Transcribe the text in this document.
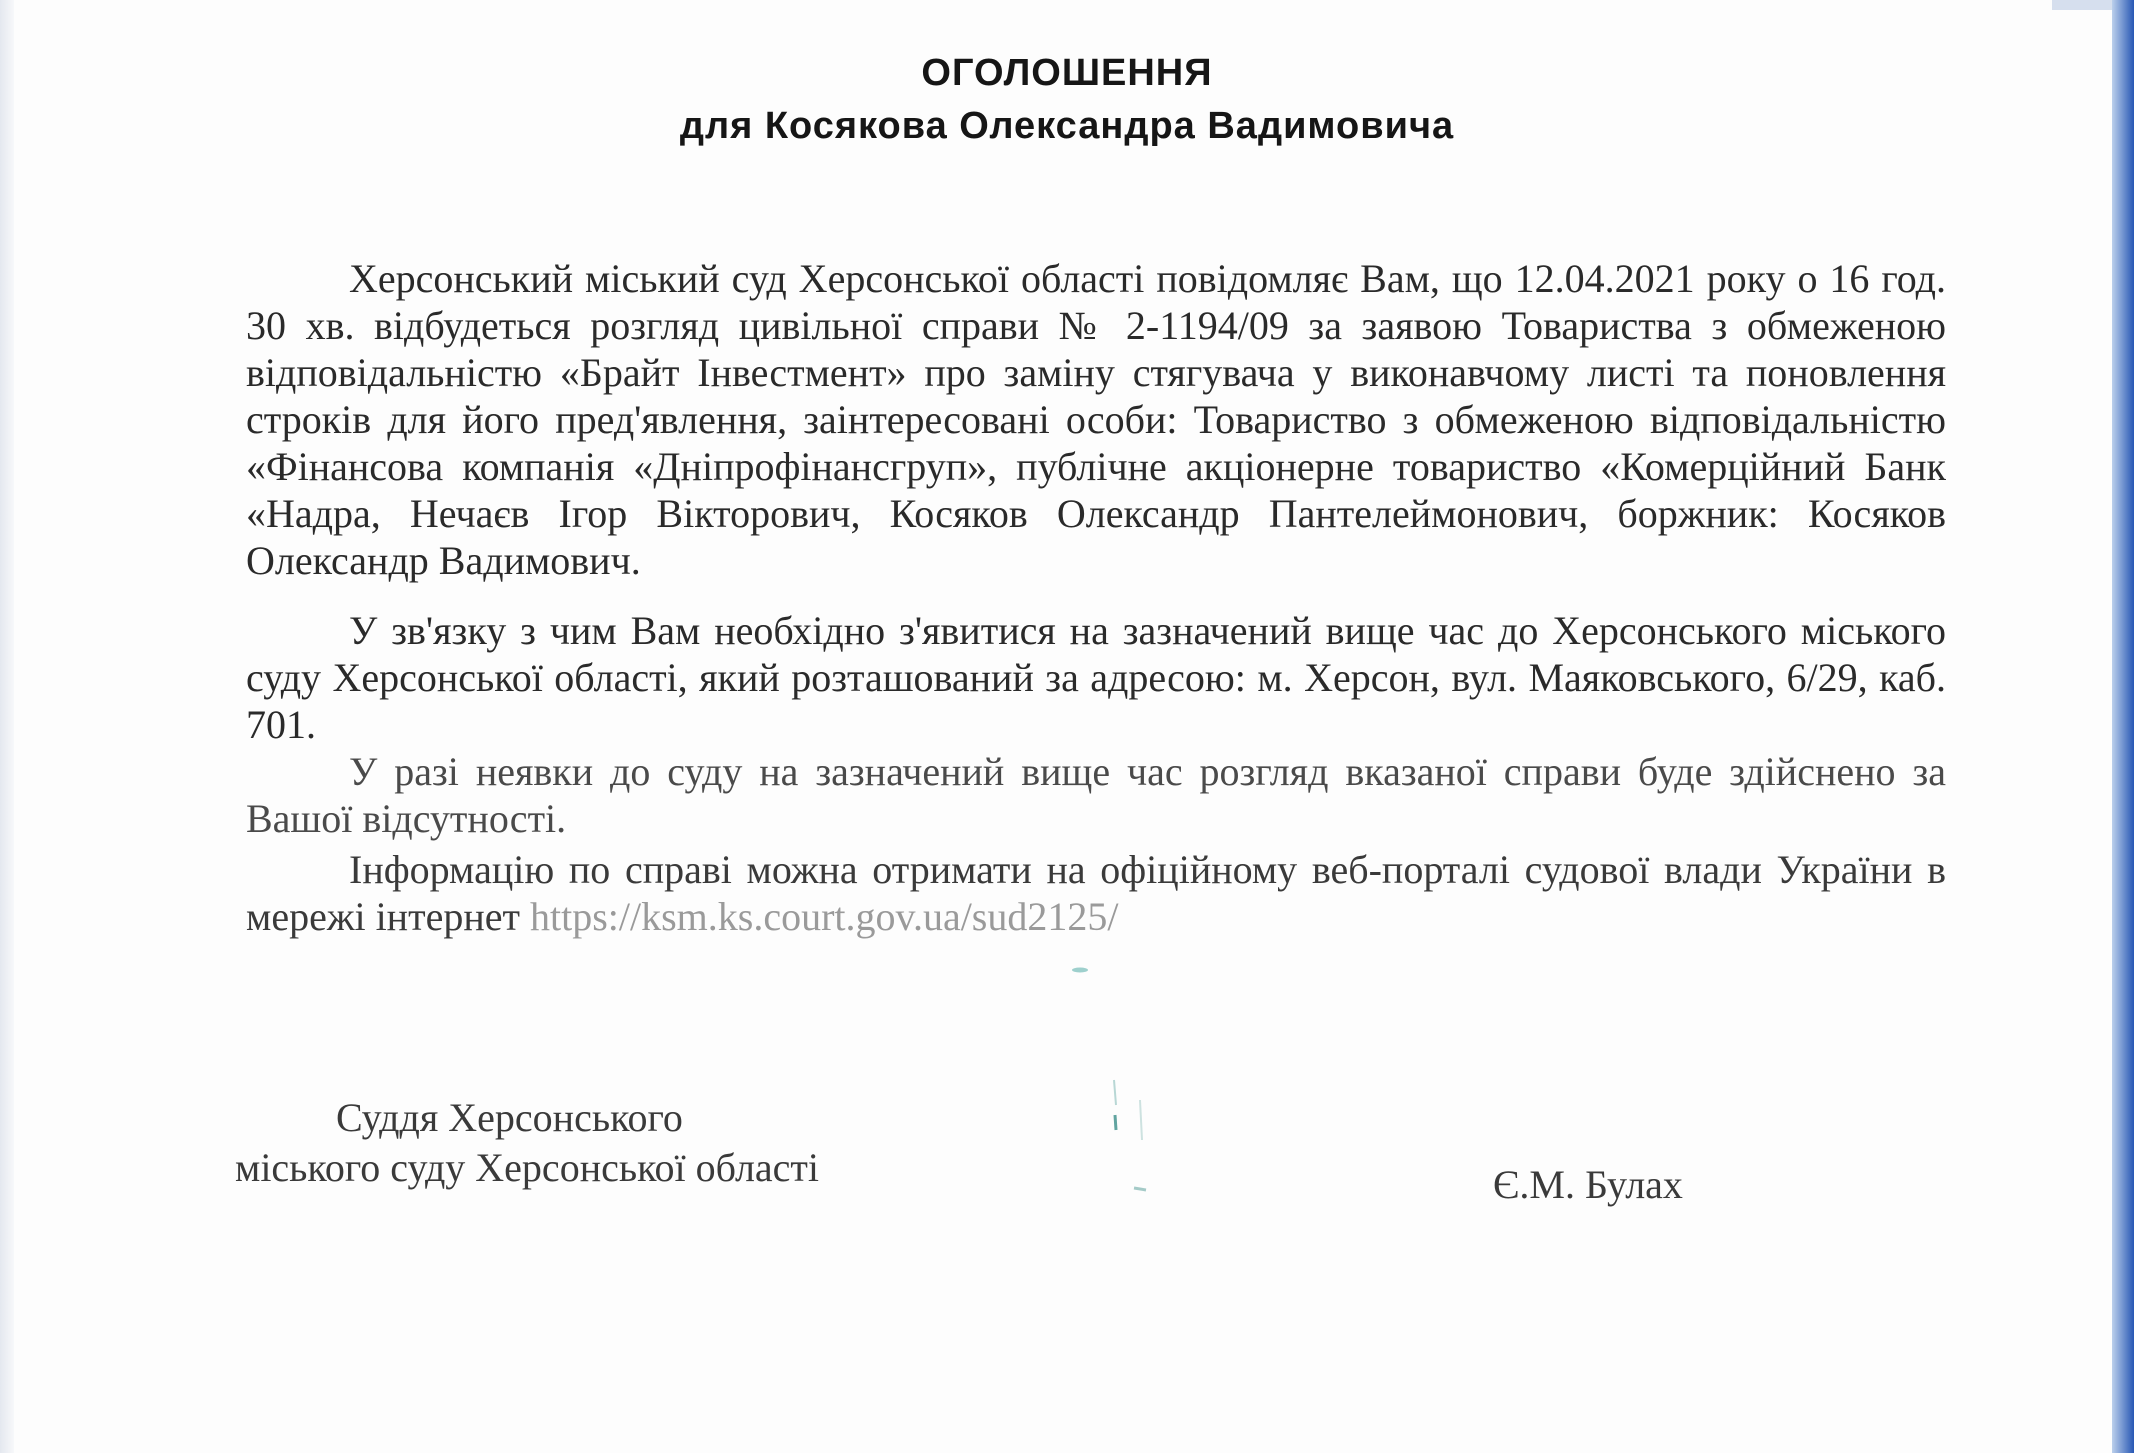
ОГОЛОШЕННЯ
для Косякова Олександра Вадимовича

Херсонський міський суд Херсонської області повідомляє Вам, що 12.04.2021 року о 16 год. 30 хв. відбудеться розгляд цивільної справи № 2-1194/09 за заявою Товариства з обмеженою відповідальністю «Брайт Інвестмент» про заміну стягувача у виконавчому листі та поновлення строків для його пред'явлення, заінтересовані особи: Товариство з обмеженою відповідальністю «Фінансова компанія «Дніпрофінансгруп», публічне акціонерне товариство «Комерційний Банк «Надра, Нечаєв Ігор Вікторович, Косяков Олександр Пантелеймонович, боржник: Косяков Олександр Вадимович.

У зв'язку з чим Вам необхідно з'явитися на зазначений вище час до Херсонського міського суду Херсонської області, який розташований за адресою: м. Херсон, вул. Маяковського, 6/29, каб. 701.

У разі неявки до суду на зазначений вище час розгляд вказаної справи буде здійснено за Вашої відсутності.

Інформацію по справі можна отримати на офіційному веб-порталі судової влади України в мережі інтернет https://ksm.ks.court.gov.ua/sud2125/

Суддя Херсонського

міського суду Херсонської області	Є.М. Булах
